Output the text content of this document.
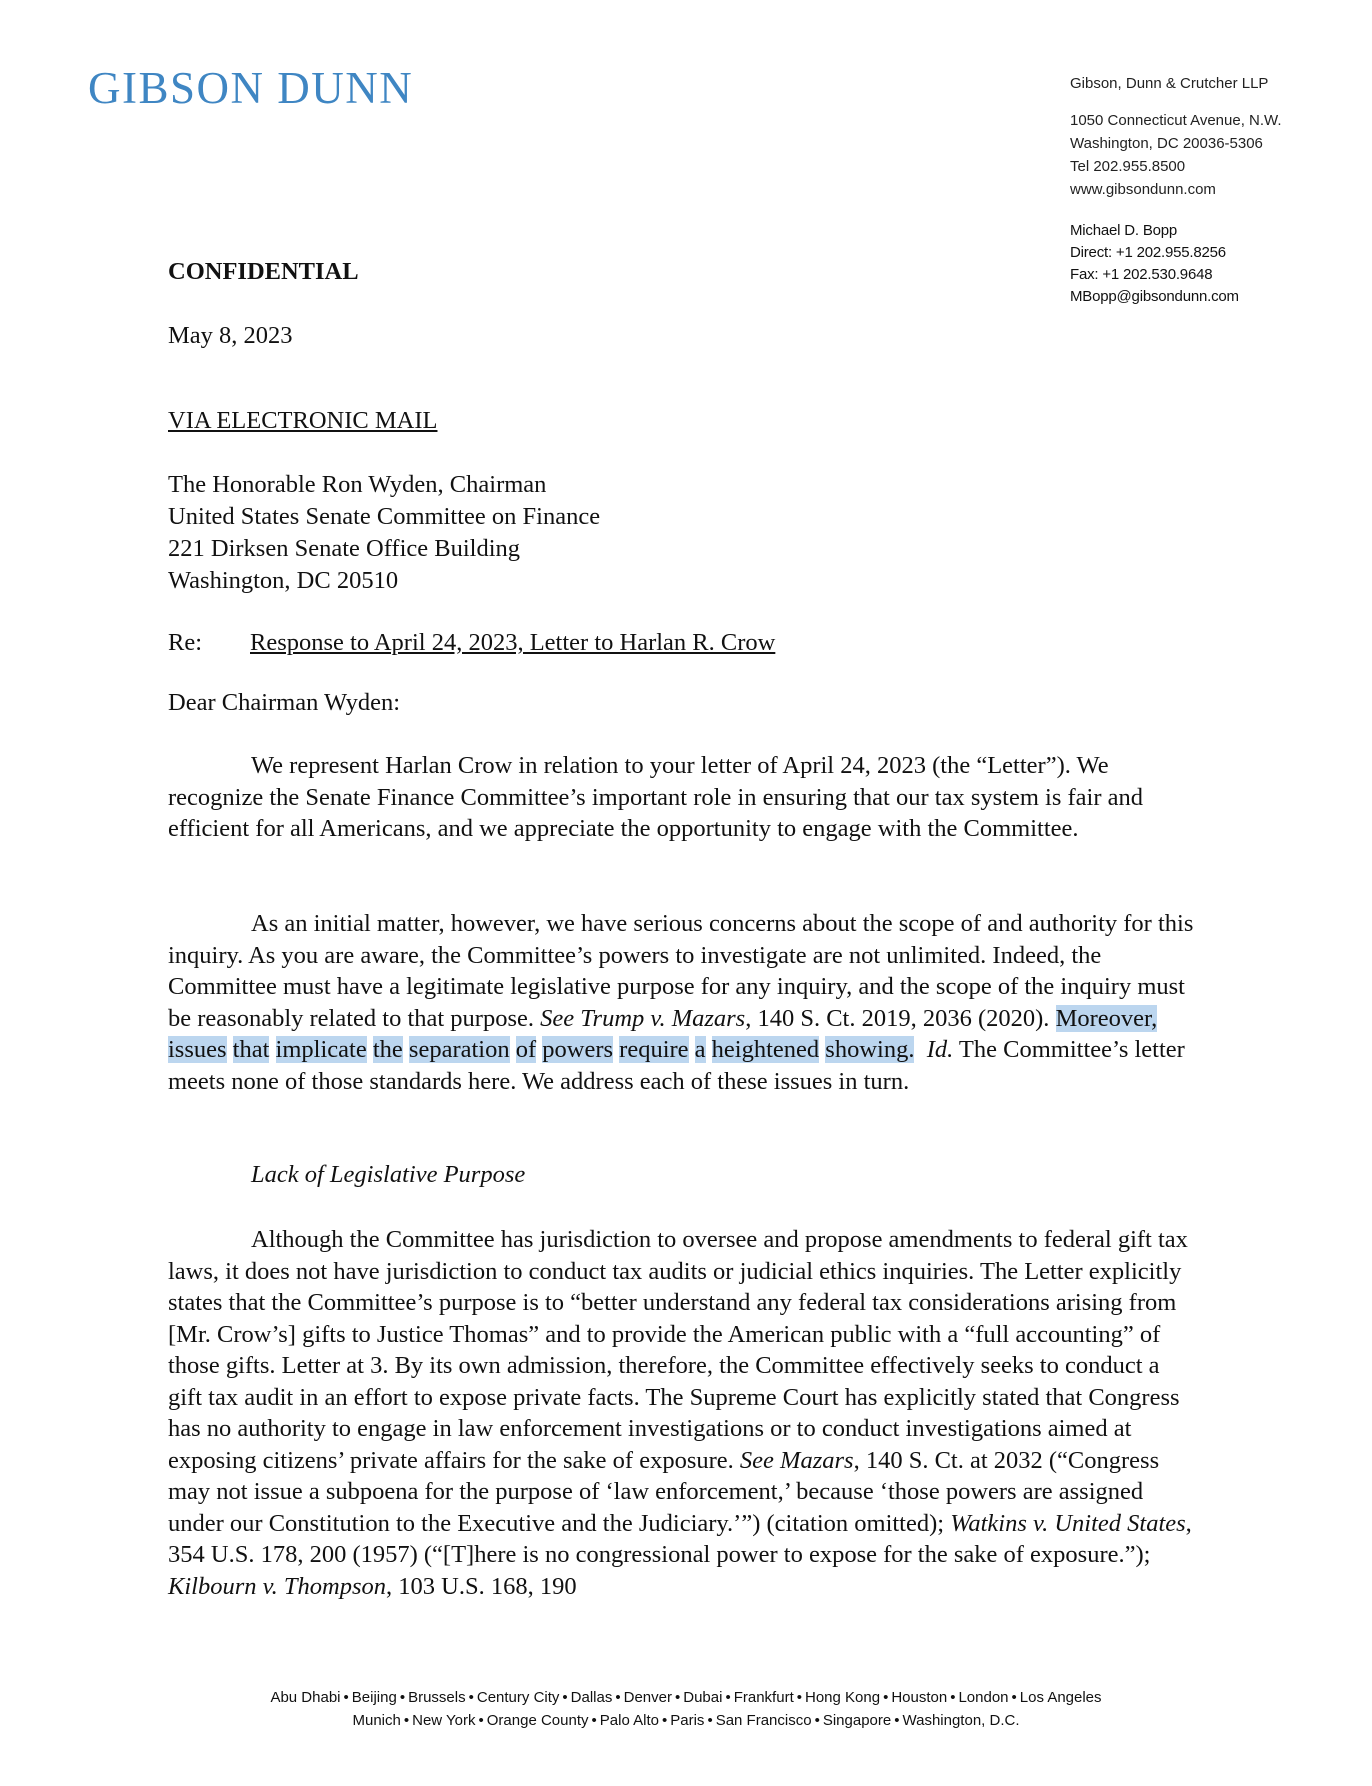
GIBSON DUNN	Gibson, Dunn & Crutcher LLP
1050 Connecticut Avenue, N.W.
Washington, DC 20036-5306
Tel 202.955.8500
www.gibsondunn.com
Michael D. Bopp
Direct: +1 202.955.8256
Fax: +1 202.530.9648
MBopp@gibsondunn.com
CONFIDENTIAL
May 8, 2023
VIA ELECTRONIC MAIL
The Honorable Ron Wyden, Chairman
United States Senate Committee on Finance
221 Dirksen Senate Office Building
Washington, DC 20510
Re: Response to April 24, 2023, Letter to Harlan R. Crow
Dear Chairman Wyden:

We represent Harlan Crow in relation to your letter of April 24, 2023 (the “Letter”). We recognize the Senate Finance Committee’s important role in ensuring that our tax system is fair and efficient for all Americans, and we appreciate the opportunity to engage with the Committee.

As an initial matter, however, we have serious concerns about the scope of and authority for this inquiry. As you are aware, the Committee’s powers to investigate are not unlimited. Indeed, the Committee must have a legitimate legislative purpose for any inquiry, and the scope of the inquiry must be reasonably related to that purpose. See Trump v. Mazars, 140 S. Ct. 2019, 2036 (2020). Moreover, issues that implicate the separation of powers require a heightened showing. Id. The Committee’s letter meets none of those standards here. We address each of these issues in turn.

Lack of Legislative Purpose

Although the Committee has jurisdiction to oversee and propose amendments to federal gift tax laws, it does not have jurisdiction to conduct tax audits or judicial ethics inquiries. The Letter explicitly states that the Committee’s purpose is to “better understand any federal tax considerations arising from [Mr. Crow’s] gifts to Justice Thomas” and to provide the American public with a “full accounting” of those gifts. Letter at 3. By its own admission, therefore, the Committee effectively seeks to conduct a gift tax audit in an effort to expose private facts. The Supreme Court has explicitly stated that Congress has no authority to engage in law enforcement investigations or to conduct investigations aimed at exposing citizens’ private affairs for the sake of exposure. See Mazars, 140 S. Ct. at 2032 (“Congress may not issue a subpoena for the purpose of ‘law enforcement,’ because ‘those powers are assigned under our Constitution to the Executive and the Judiciary.’”) (citation omitted); Watkins v. United States, 354 U.S. 178, 200 (1957) (“[T]here is no congressional power to expose for the sake of exposure.”); Kilbourn v. Thompson, 103 U.S. 168, 190

Abu Dhabi • Beijing • Brussels • Century City • Dallas • Denver • Dubai • Frankfurt • Hong Kong • Houston • London • Los Angeles
Munich • New York • Orange County • Palo Alto • Paris • San Francisco • Singapore • Washington, D.C.
